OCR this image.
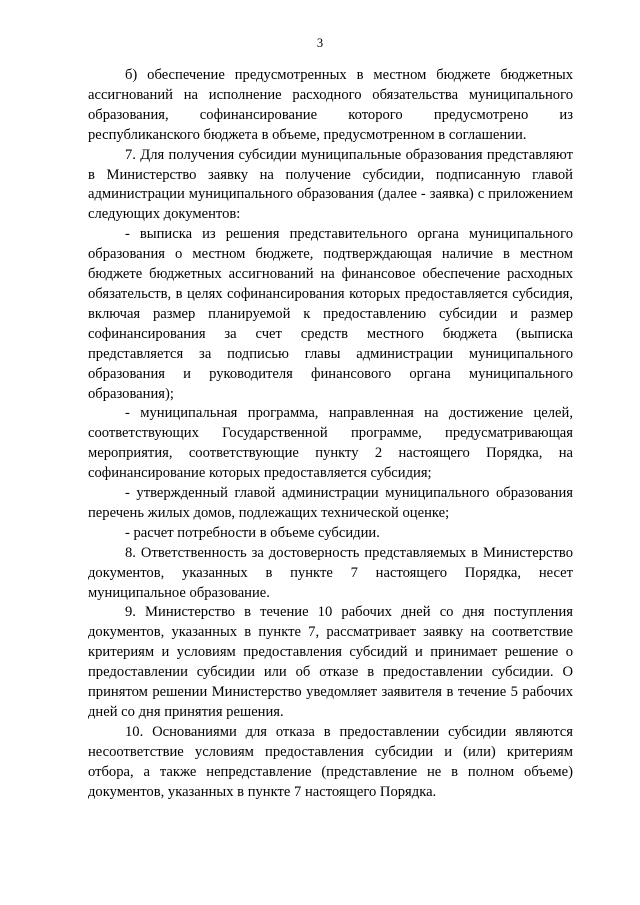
3

б) обеспечение предусмотренных в местном бюджете бюджетных ассигнований на исполнение расходного обязательства муниципального образования, софинансирование которого предусмотрено из республиканского бюджета в объеме, предусмотренном в соглашении.

7. Для получения субсидии муниципальные образования представляют в Министерство заявку на получение субсидии, подписанную главой администрации муниципального образования (далее - заявка) с приложением следующих документов:

- выписка из решения представительного органа муниципального образования о местном бюджете, подтверждающая наличие в местном бюджете бюджетных ассигнований на финансовое обеспечение расходных обязательств, в целях софинансирования которых предоставляется субсидия, включая размер планируемой к предоставлению субсидии и размер софинансирования за счет средств местного бюджета (выписка представляется за подписью главы администрации муниципального образования и руководителя финансового органа муниципального образования);

- муниципальная программа, направленная на достижение целей, соответствующих Государственной программе, предусматривающая мероприятия, соответствующие пункту 2 настоящего Порядка, на софинансирование которых предоставляется субсидия;

- утвержденный главой администрации муниципального образования перечень жилых домов, подлежащих технической оценке;

- расчет потребности в объеме субсидии.

8. Ответственность за достоверность представляемых в Министерство документов, указанных в пункте 7 настоящего Порядка, несет муниципальное образование.

9. Министерство в течение 10 рабочих дней со дня поступления документов, указанных в пункте 7, рассматривает заявку на соответствие критериям и условиям предоставления субсидий и принимает решение о предоставлении субсидии или об отказе в предоставлении субсидии. О принятом решении Министерство уведомляет заявителя в течение 5 рабочих дней со дня принятия решения.

10. Основаниями для отказа в предоставлении субсидии являются несоответствие условиям предоставления субсидии и (или) критериям отбора, а также непредставление (представление не в полном объеме) документов, указанных в пункте 7 настоящего Порядка.
